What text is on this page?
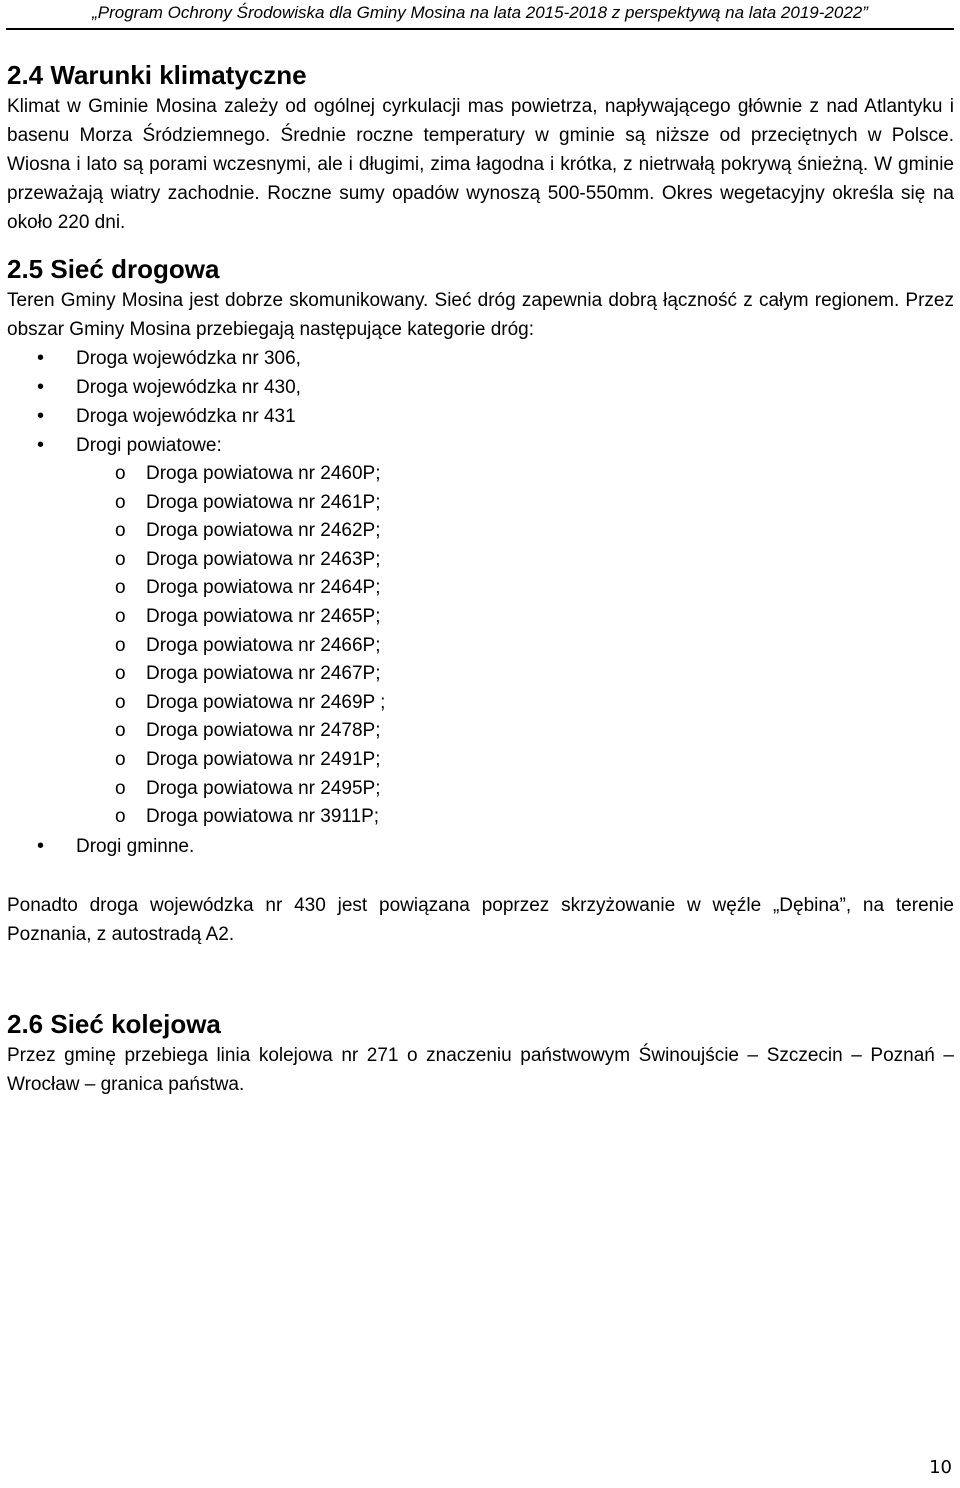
„Program Ochrony Środowiska dla Gminy Mosina na lata 2015-2018 z perspektywą na lata 2019-2022”
2.4 Warunki klimatyczne

Klimat w Gminie Mosina zależy od ogólnej cyrkulacji mas powietrza, napływającego głównie z nad Atlantyku i basenu Morza Śródziemnego. Średnie roczne temperatury w gminie są niższe od przeciętnych w Polsce. Wiosna i lato są porami wczesnymi, ale i długimi, zima łagodna i krótka, z nietrwałą pokrywą śnieżną. W gminie przeważają wiatry zachodnie. Roczne sumy opadów wynoszą 500-550mm. Okres wegetacyjny określa się na około 220 dni.

2.5 Sieć drogowa

Teren Gminy Mosina jest dobrze skomunikowany. Sieć dróg zapewnia dobrą łączność z całym regionem. Przez obszar Gminy Mosina przebiegają następujące kategorie dróg:

• Droga wojewódzka nr 306,
• Droga wojewódzka nr 430,
• Droga wojewódzka nr 431
• Drogi powiatowe:
o Droga powiatowa nr 2460P;
o Droga powiatowa nr 2461P;
o Droga powiatowa nr 2462P;
o Droga powiatowa nr 2463P;
o Droga powiatowa nr 2464P;
o Droga powiatowa nr 2465P;
o Droga powiatowa nr 2466P;
o Droga powiatowa nr 2467P;
o Droga powiatowa nr 2469P ;
o Droga powiatowa nr 2478P;
o Droga powiatowa nr 2491P;
o Droga powiatowa nr 2495P;
o Droga powiatowa nr 3911P;
• Drogi gminne.

Ponadto droga wojewódzka nr 430 jest powiązana poprzez skrzyżowanie w węźle „Dębina”, na terenie Poznania, z autostradą A2.

2.6 Sieć kolejowa

Przez gminę przebiega linia kolejowa nr 271 o znaczeniu państwowym Świnoujście – Szczecin – Poznań – Wrocław – granica państwa.

10
